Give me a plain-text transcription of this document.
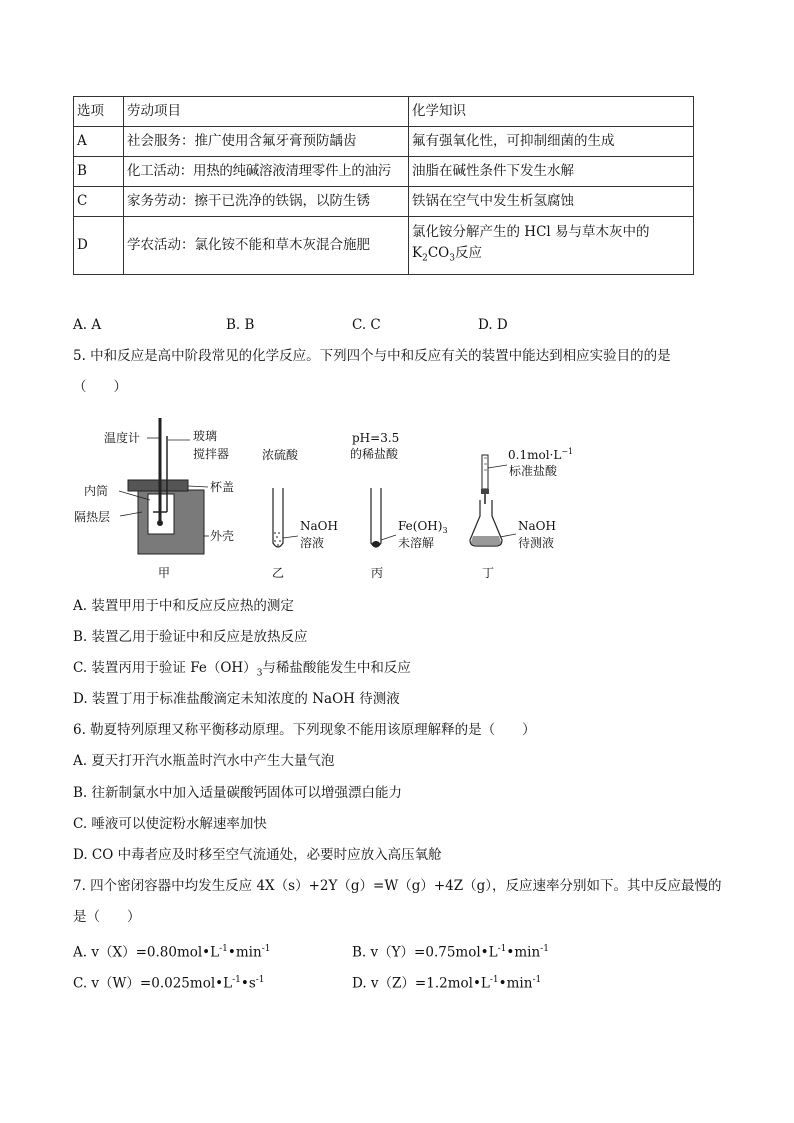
选项	劳动项目	化学知识
A	社会服务：推广使用含氟牙膏预防龋齿	氟有强氧化性，可抑制细菌的生成
B	化工活动：用热的纯碱溶液清理零件上的油污	油脂在碱性条件下发生水解
C	家务劳动：擦干已洗净的铁锅，以防生锈	铁锅在空气中发生析氢腐蚀
D	学农活动：氯化铵不能和草木灰混合施肥	氯化铵分解产生的 HCl 易与草木灰中的
$K_2CO_3$反应
A. A	B. B	C. C	D. D
5. 中和反应是高中阶段常见的化学反应。下列四个与中和反应有关的装置中能达到相应实验目的的是
（　　）
温度计	玻璃
搅拌器
内筒	杯盖
隔热层
外壳
甲
浓硫酸
NaOH
溶液
乙
pH=3.5
的稀盐酸
$Fe(OH)_3$
未溶解
丙
$0.1mol\cdot L^{-1}$
标准盐酸
NaOH
待测液
丁
A. 装置甲用于中和反应反应热的测定
B. 装置乙用于验证中和反应是放热反应
C. 装置丙用于验证 $Fe(OH)_3$与稀盐酸能发生中和反应
D. 装置丁用于标准盐酸滴定未知浓度的 NaOH 待测液
6. 勒夏特列原理又称平衡移动原理。下列现象不能用该原理解释的是（　　）
A. 夏天打开汽水瓶盖时汽水中产生大量气泡
B. 往新制氯水中加入适量碳酸钙固体可以增强漂白能力
C. 唾液可以使淀粉水解速率加快
D. CO 中毒者应及时移至空气流通处，必要时应放入高压氧舱
7. 四个密闭容器中均发生反应 4X（s）+2Y（g）=W（g）+4Z（g），反应速率分别如下。其中反应最慢的
是（　　）
A. $v(X)=0.80mol•L^{-1}•\min^{-1}$	B. $v(Y)=0.75mol•L^{-1}•\min^{-1}$
C. $v(W)=0.025mol•L^{-1}•s^{-1}$	D. $v(Z)=1.2mol•L^{-1}•\min^{-1}$
